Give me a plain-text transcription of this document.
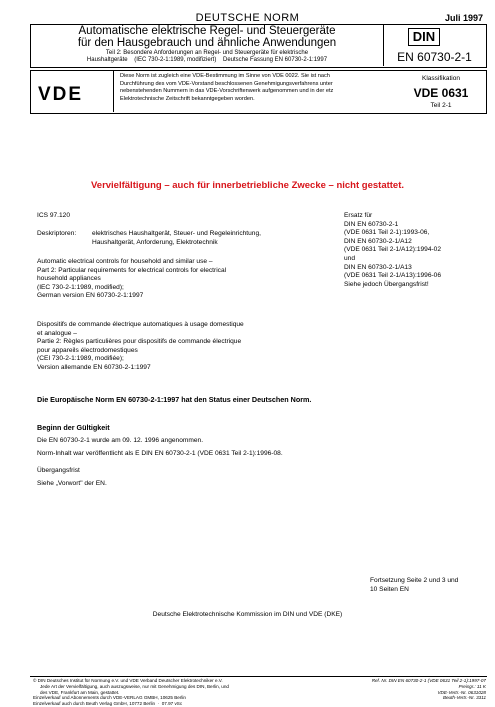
DEUTSCHE NORM	Juli 1997
Automatische elektrische Regel- und Steuergeräte
für den Hausgebrauch und ähnliche Anwendungen
Teil 2: Besondere Anforderungen an Regel- und Steuergeräte für elektrische
Haushaltgeräte    (IEC 730-2-1:1989, modifiziert)    Deutsche Fassung EN 60730-2-1:1997
DIN
EN 60730-2-1
VDE
Diese Norm ist zugleich eine VDE-Bestimmung im Sinne von VDE 0022. Sie ist nach
Durchführung des vom VDE-Vorstand beschlossenen Genehmigungsverfahrens unter
nebenstehenden Nummern in das VDE-Vorschriftenwerk aufgenommen und in der etz
Elektrotechnische Zeitschrift bekanntgegeben worden.
Klassifikation
VDE 0631
Teil 2-1
Vervielfältigung – auch für innerbetriebliche Zwecke – nicht gestattet.
ICS 97.120
Deskriptoren: elektrisches Haushaltgerät, Steuer- und Regeleinrichtung,
Haushaltgerät, Anforderung, Elektrotechnik
Automatic electrical controls for household and similar use –
Part 2: Particular requirements for electrical controls for electrical
household appliances
(IEC 730-2-1:1989, modified);
German version EN 60730-2-1:1997
Dispositifs de commande électrique automatiques à usage domestique
et analogue –
Partie 2: Règles particulières pour dispositifs de commande électrique
pour appareils électrodomestiques
(CEI 730-2-1:1989, modifiée);
Version allemande EN 60730-2-1:1997
Ersatz für
DIN EN 60730-2-1
(VDE 0631 Teil 2-1):1993-06,
DIN EN 60730-2-1/A12
(VDE 0631 Teil 2-1/A12):1994-02
und
DIN EN 60730-2-1/A13
(VDE 0631 Teil 2-1/A13):1996-06
Siehe jedoch Übergangsfrist!
Die Europäische Norm EN 60730-2-1:1997 hat den Status einer Deutschen Norm.
Beginn der Gültigkeit
Die EN 60730-2-1 wurde am 09. 12. 1996 angenommen.
Norm-Inhalt war veröffentlicht als E DIN EN 60730-2-1 (VDE 0631 Teil 2-1):1996-08.
Übergangsfrist
Siehe „Vorwort" der EN.
Fortsetzung Seite 2 und 3 und
10 Seiten EN
Deutsche Elektrotechnische Kommission im DIN und VDE (DKE)
© DIN Deutsches Institut für Normung e.V. und VDE Verband Deutscher Elektrotechniker e.V.
Jede Art der Vervielfältigung, auch auszugsweise, nur mit Genehmigung des DIN, Berlin, und
des VDE, Frankfurt am Main, gestattet.
Einzelverkauf und Abonnements durch VDE-VERLAG GMBH, 10625 Berlin
Einzelverkauf auch durch Beuth Verlag GmbH, 10772 Berlin  ·  07.97 vSc
Ref. Nr. DIN EN 60730-2-1 (VDE 0631 Teil 2-1):1997-07
Preisgr.: 11 K
VDE-Vertr.-Nr. 0631028
Beuth-Vertr.-Nr. 3311
